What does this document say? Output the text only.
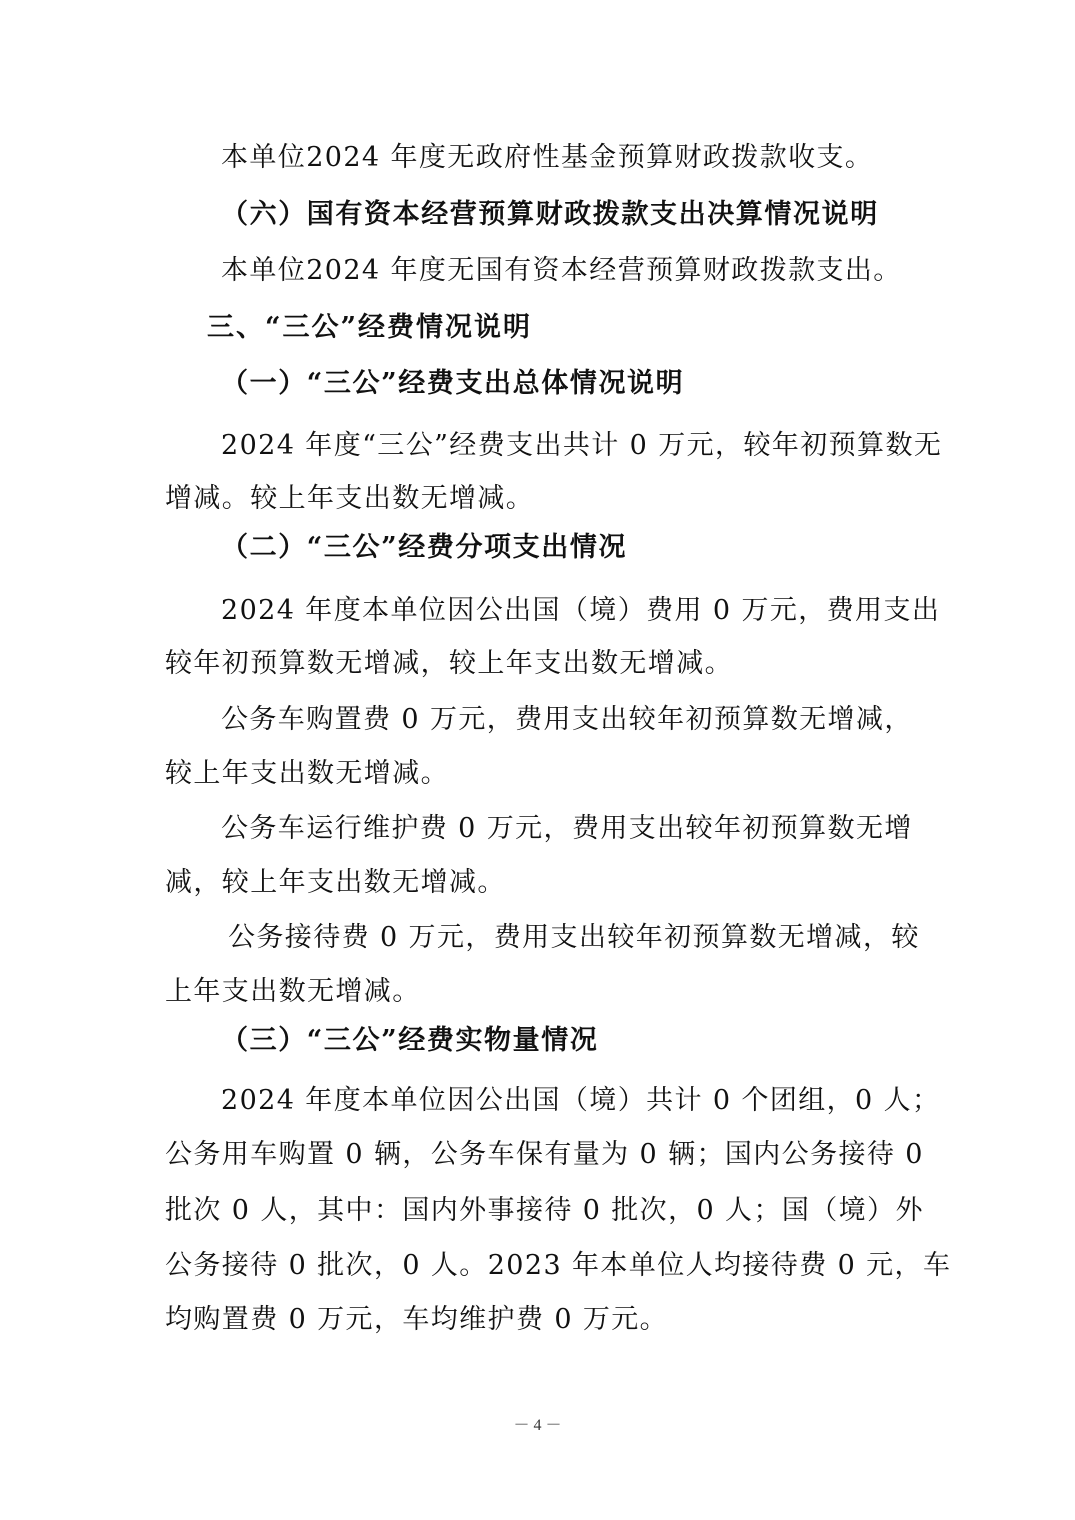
本单位2024 年度无政府性基金预算财政拨款收支。
（六）国有资本经营预算财政拨款支出决算情况说明
本单位2024 年度无国有资本经营预算财政拨款支出。
三、“三公”经费情况说明
（一）“三公”经费支出总体情况说明
2024 年度“三公”经费支出共计 0 万元，较年初预算数无
增减。较上年支出数无增减。
（二）“三公”经费分项支出情况
2024 年度本单位因公出国（境）费用 0 万元，费用支出
较年初预算数无增减，较上年支出数无增减。
公务车购置费 0 万元，费用支出较年初预算数无增减，
较上年支出数无增减。
公务车运行维护费 0 万元，费用支出较年初预算数无增
减，较上年支出数无增减。
公务接待费 0 万元，费用支出较年初预算数无增减，较
上年支出数无增减。
（三）“三公”经费实物量情况
2024 年度本单位因公出国（境）共计 0 个团组，0 人；
公务用车购置 0 辆，公务车保有量为 0 辆；国内公务接待 0
批次 0 人，其中：国内外事接待 0 批次，0 人；国（境）外
公务接待 0 批次，0 人。2023 年本单位人均接待费 0 元，车
均购置费 0 万元，车均维护费 0 万元。
－ 4 －
